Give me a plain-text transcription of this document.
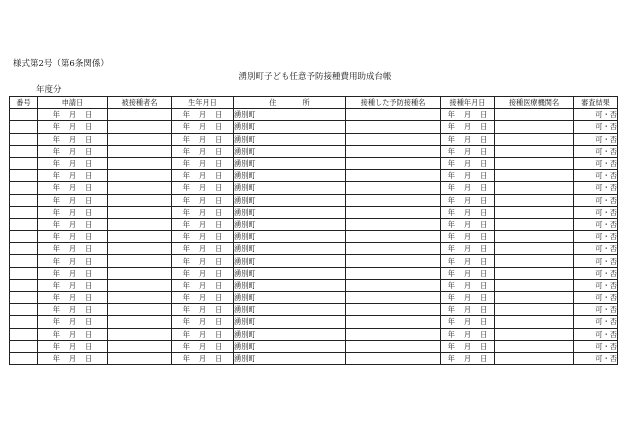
様式第2号（第6条関係）
湧別町子ども任意予防接種費用助成台帳
年度分
番号	申請日	被接種者名	生年月日	住 所	接種した予防接種名	接種年月日	接種医療機関名	審査結果
	年 月 日		年 月 日	湧別町		年 月 日		可・否
	年 月 日		年 月 日	湧別町		年 月 日		可・否
	年 月 日		年 月 日	湧別町		年 月 日		可・否
	年 月 日		年 月 日	湧別町		年 月 日		可・否
	年 月 日		年 月 日	湧別町		年 月 日		可・否
	年 月 日		年 月 日	湧別町		年 月 日		可・否
	年 月 日		年 月 日	湧別町		年 月 日		可・否
	年 月 日		年 月 日	湧別町		年 月 日		可・否
	年 月 日		年 月 日	湧別町		年 月 日		可・否
	年 月 日		年 月 日	湧別町		年 月 日		可・否
	年 月 日		年 月 日	湧別町		年 月 日		可・否
	年 月 日		年 月 日	湧別町		年 月 日		可・否
	年 月 日		年 月 日	湧別町		年 月 日		可・否
	年 月 日		年 月 日	湧別町		年 月 日		可・否
	年 月 日		年 月 日	湧別町		年 月 日		可・否
	年 月 日		年 月 日	湧別町		年 月 日		可・否
	年 月 日		年 月 日	湧別町		年 月 日		可・否
	年 月 日		年 月 日	湧別町		年 月 日		可・否
	年 月 日		年 月 日	湧別町		年 月 日		可・否
	年 月 日		年 月 日	湧別町		年 月 日		可・否
	年 月 日		年 月 日	湧別町		年 月 日		可・否
